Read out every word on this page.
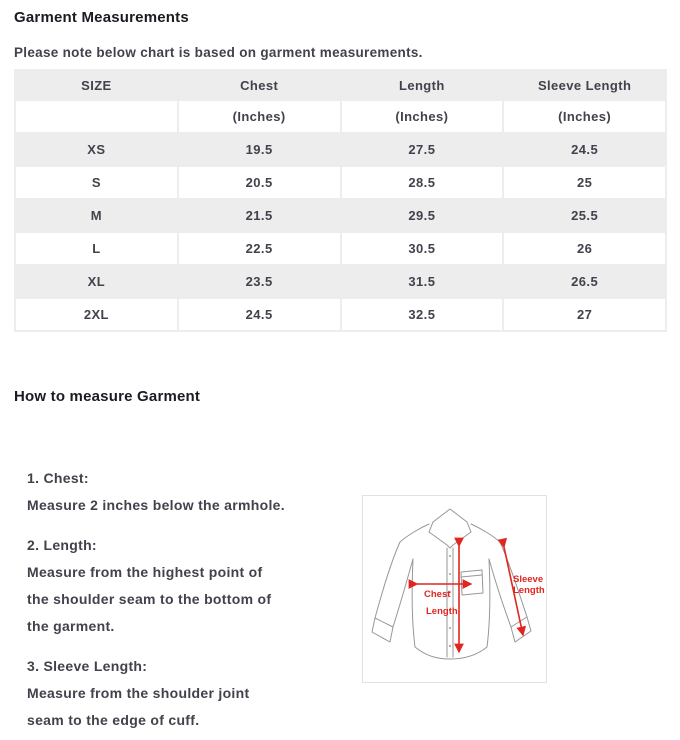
Garment Measurements

Please note below chart is based on garment measurements.

SIZE	Chest	Length	Sleeve Length
	(Inches)	(Inches)	(Inches)
XS	19.5	27.5	24.5
S	20.5	28.5	25
M	21.5	29.5	25.5
L	22.5	30.5	26
XL	23.5	31.5	26.5
2XL	24.5	32.5	27
How to measure Garment
1. Chest:
Measure 2 inches below the armhole.
2. Length:
Measure from the highest point of
the shoulder seam to the bottom of
the garment.
3. Sleeve Length:
Measure from the shoulder joint
seam to the edge of cuff.
Chest
Length
Sleeve
Length
